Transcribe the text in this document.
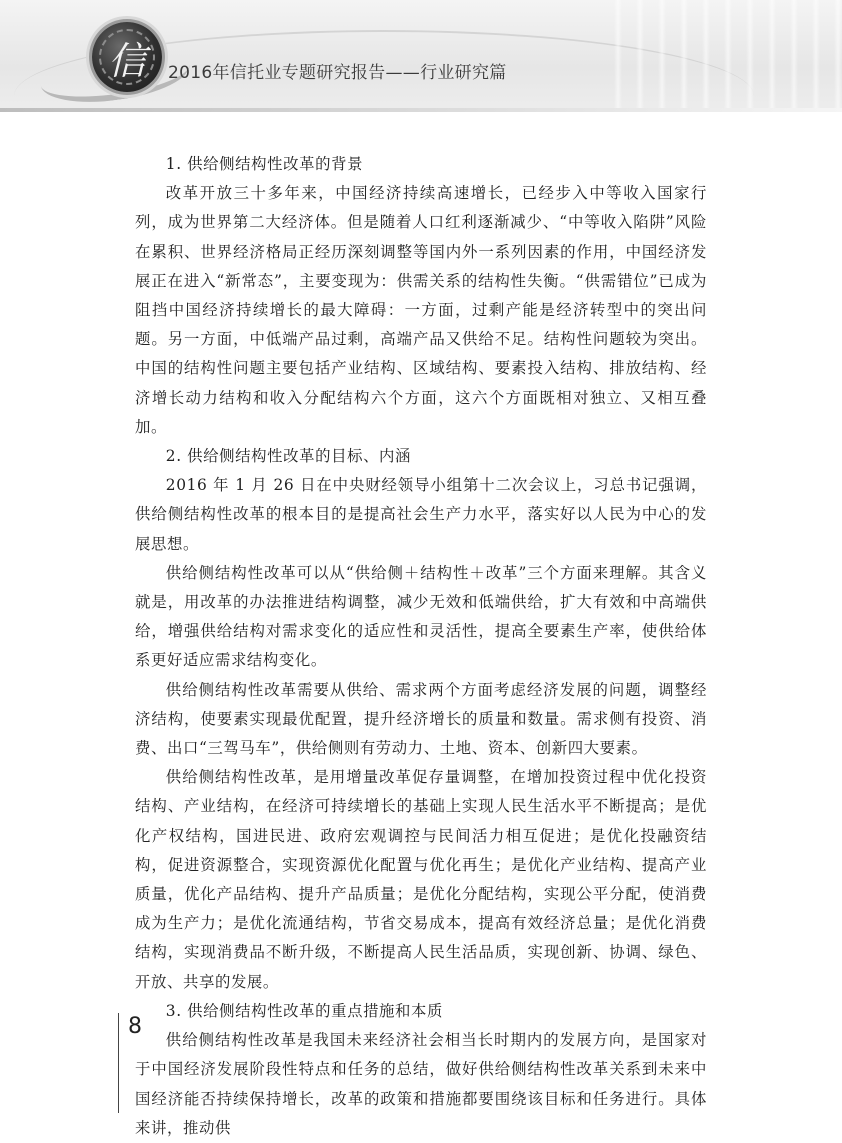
信	2016年信托业专题研究报告——行业研究篇

1. 供给侧结构性改革的背景

改革开放三十多年来，中国经济持续高速增长，已经步入中等收入国家行列，成为世界第二大经济体。但是随着人口红利逐渐减少、“中等收入陷阱”风险在累积、世界经济格局正经历深刻调整等国内外一系列因素的作用，中国经济发展正在进入“新常态”，主要变现为：供需关系的结构性失衡。“供需错位”已成为阻挡中国经济持续增长的最大障碍：一方面，过剩产能是经济转型中的突出问题。另一方面，中低端产品过剩，高端产品又供给不足。结构性问题较为突出。中国的结构性问题主要包括产业结构、区域结构、要素投入结构、排放结构、经济增长动力结构和收入分配结构六个方面，这六个方面既相对独立、又相互叠加。

2. 供给侧结构性改革的目标、内涵

2016 年 1 月 26 日在中央财经领导小组第十二次会议上，习总书记强调，供给侧结构性改革的根本目的是提高社会生产力水平，落实好以人民为中心的发展思想。

供给侧结构性改革可以从“供给侧＋结构性＋改革”三个方面来理解。其含义就是，用改革的办法推进结构调整，减少无效和低端供给，扩大有效和中高端供给，增强供给结构对需求变化的适应性和灵活性，提高全要素生产率，使供给体系更好适应需求结构变化。

供给侧结构性改革需要从供给、需求两个方面考虑经济发展的问题，调整经济结构，使要素实现最优配置，提升经济增长的质量和数量。需求侧有投资、消费、出口“三驾马车”，供给侧则有劳动力、土地、资本、创新四大要素。

供给侧结构性改革，是用增量改革促存量调整，在增加投资过程中优化投资结构、产业结构，在经济可持续增长的基础上实现人民生活水平不断提高；是优化产权结构，国进民进、政府宏观调控与民间活力相互促进；是优化投融资结构，促进资源整合，实现资源优化配置与优化再生；是优化产业结构、提高产业质量，优化产品结构、提升产品质量；是优化分配结构，实现公平分配，使消费成为生产力；是优化流通结构，节省交易成本，提高有效经济总量；是优化消费结构，实现消费品不断升级，不断提高人民生活品质，实现创新、协调、绿色、开放、共享的发展。

3. 供给侧结构性改革的重点措施和本质

供给侧结构性改革是我国未来经济社会相当长时期内的发展方向，是国家对于中国经济发展阶段性特点和任务的总结，做好供给侧结构性改革关系到未来中国经济能否持续保持增长，改革的政策和措施都要围绕该目标和任务进行。具体来讲，推动供

8
